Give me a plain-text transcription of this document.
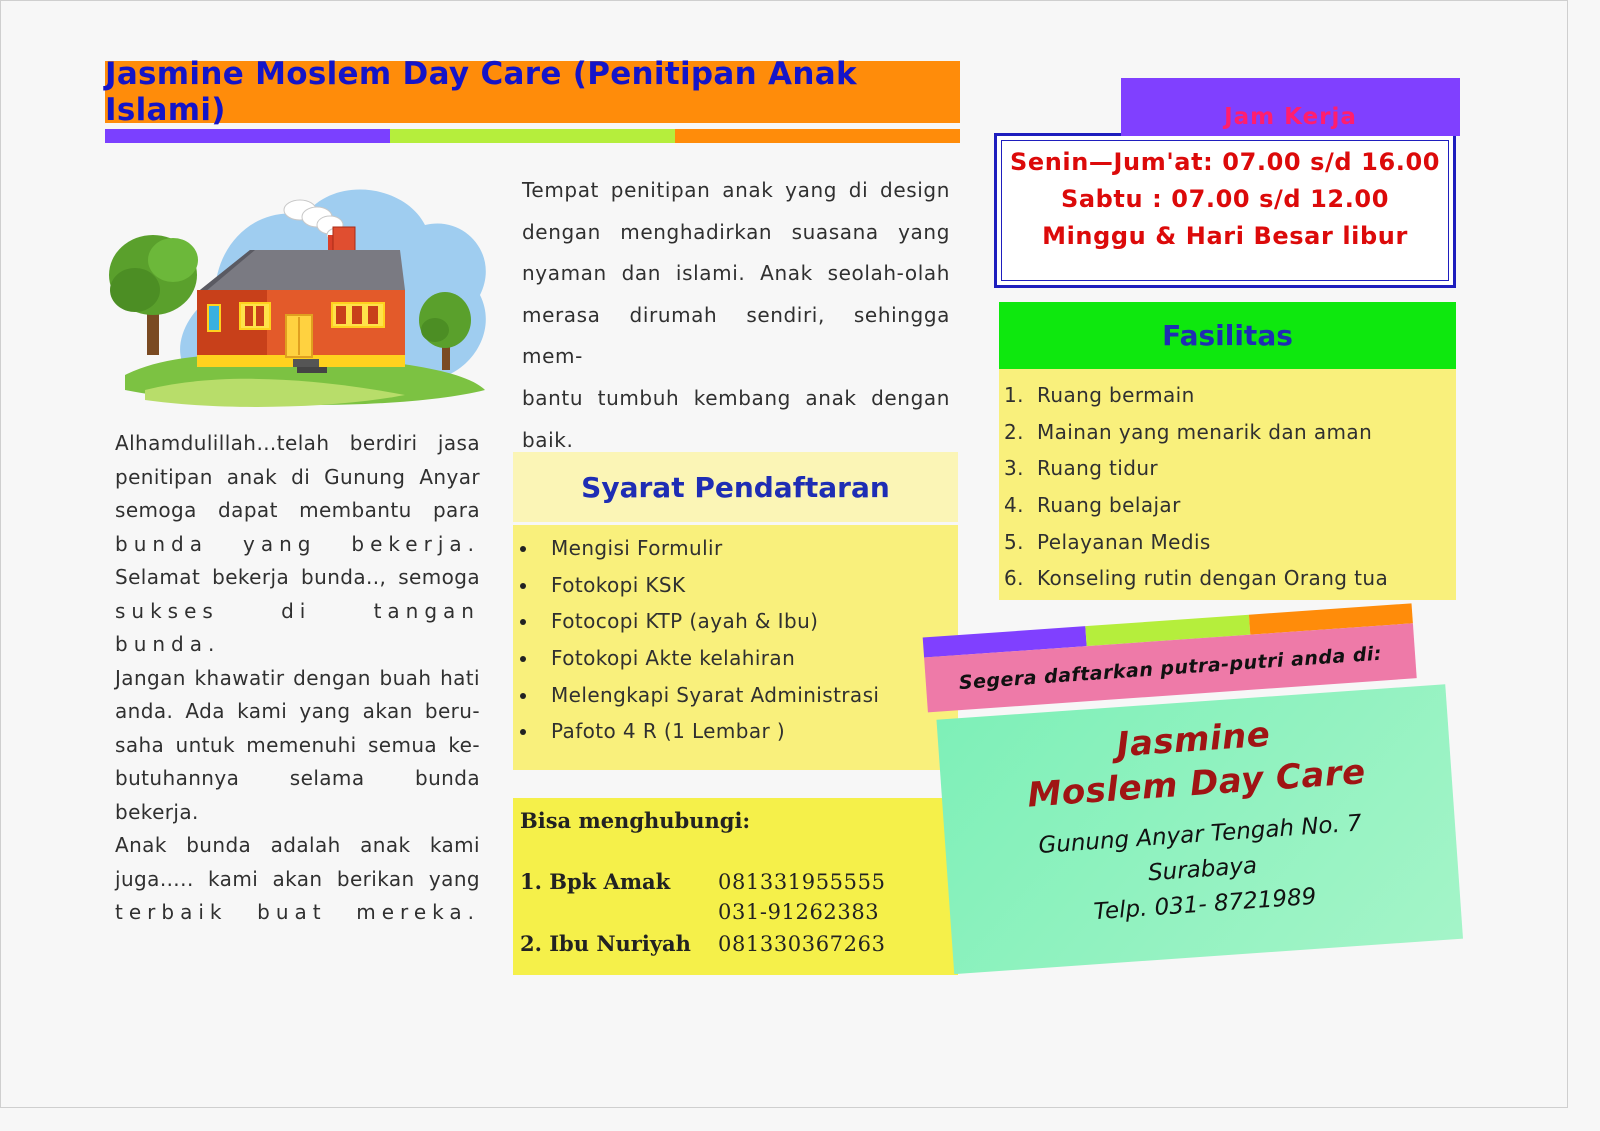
Jasmine Moslem Day Care (Penitipan Anak Islami)
Alhamdulillah…telah berdiri jasa
penitipan anak di Gunung Anyar
semoga dapat membantu para
bunda yang bekerja.
Selamat bekerja bunda.., semoga
sukses di tangan bunda.
Jangan khawatir dengan buah hati
anda. Ada kami yang akan beru-
saha untuk memenuhi semua ke-
butuhannya selama bunda bekerja.
Anak bunda adalah anak kami
juga….. kami akan berikan yang
terbaik buat mereka.
Tempat penitipan anak yang di design
dengan menghadirkan suasana yang
nyaman dan islami. Anak seolah-olah
merasa dirumah sendiri, sehingga mem-
bantu tumbuh kembang anak dengan
baik.
Syarat Pendaftaran
Mengisi Formulir
Fotokopi KSK
Fotocopi KTP (ayah & Ibu)
Fotokopi Akte kelahiran
Melengkapi Syarat Administrasi
Pafoto 4 R (1 Lembar )
Bisa menghubungi:
1. Bpk Amak 081331955555
031-91262383
2. Ibu Nuriyah 081330367263
Senin—Jum'at: 07.00 s/d 16.00
Sabtu : 07.00 s/d 12.00
Minggu & Hari Besar libur
Jam Kerja
Fasilitas
1. Ruang bermain
2. Mainan yang menarik dan aman
3. Ruang tidur
4. Ruang belajar
5. Pelayanan Medis
6. Konseling rutin dengan Orang tua
Segera daftarkan putra-putri anda di:
Jasmine
Moslem Day Care
Gunung Anyar Tengah No. 7
Surabaya
Telp. 031- 8721989
